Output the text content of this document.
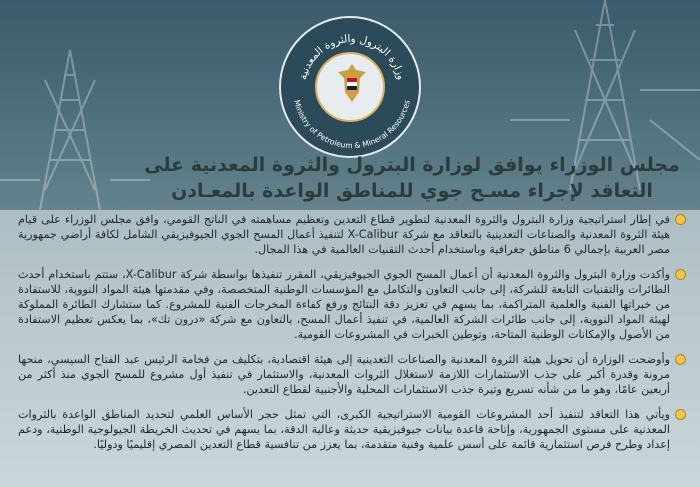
وزارة البترول والثروة المعدنية
Ministry of Petroleum & Mineral Resources
مجلس الوزراء يوافق لوزارة البترول والثروة المعدنية على
التعاقد لإجراء مسـح جوي للمناطق الواعدة بالمعـادن
في إطار استراتيجية وزارة البترول والثروة المعدنية لتطوير قطاع التعدين وتعظيم مساهمته في الناتج القومي، وافق مجلس الوزراء على قيام هيئة الثروة المعدنية والصناعات التعدينية بالتعاقد مع شركة X-Calibur لتنفيذ أعمال المسح الجوي الجيوفيزيقي الشامل لكافة أراضي جمهورية مصر العربية بإجمالي 6 مناطق جغرافية وباستخدام أحدث التقنيات العالمية في هذا المجال.
وأكدت وزارة البترول والثروة المعدنية أن أعمال المسح الجوي الجيوفيزيقي، المقرر تنفيذها بواسطة شركة X-Calibur، ستتم باستخدام أحدث الطائرات والتقنيات التابعة للشركة، إلى جانب التعاون والتكامل مع المؤسسات الوطنية المتخصصة، وفي مقدمتها هيئة المواد النووية، للاستفادة من خبراتها الفنية والعلمية المتراكمة، بما يسهم في تعزيز دقة النتائج ورفع كفاءة المخرجات الفنية للمشروع. كما ستشارك الطائرة المملوكة لهيئة المواد النووية، إلى جانب طائرات الشركة العالمية، في تنفيذ أعمال المسح، بالتعاون مع شركة «درون تك»، بما يعكس تعظيم الاستفادة من الأصول والإمكانات الوطنية المتاحة، وتوطين الخبرات في المشروعات القومية.
وأوضحت الوزارة أن تحويل هيئة الثروة المعدنية والصناعات التعدينية إلى هيئة اقتصادية، بتكليف من فخامة الرئيس عبد الفتاح السيسي، منحها مرونة وقدرة أكبر على جذب الاستثمارات اللازمة لاستغلال الثروات المعدنية، والاستثمار في تنفيذ أول مشروع للمسح الجوي منذ أكثر من أربعين عامًا، وهو ما من شأنه تسريع وتيرة جذب الاستثمارات المحلية والأجنبية لقطاع التعدين.
ويأتي هذا التعاقد لتنفيذ أحد المشروعات القومية الاستراتيجية الكبرى، التي تمثل حجر الأساس العلمي لتحديد المناطق الواعدة بالثروات المعدنية على مستوى الجمهورية، وإتاحة قاعدة بيانات جيوفيزيقية حديثة وعالية الدقة، بما يسهم في تحديث الخريطة الجيولوجية الوطنية، ودعم إعداد وطرح فرص استثمارية قائمة على أسس علمية وفنية متقدمة، بما يعزز من تنافسية قطاع التعدين المصري إقليميًا ودوليًا.
